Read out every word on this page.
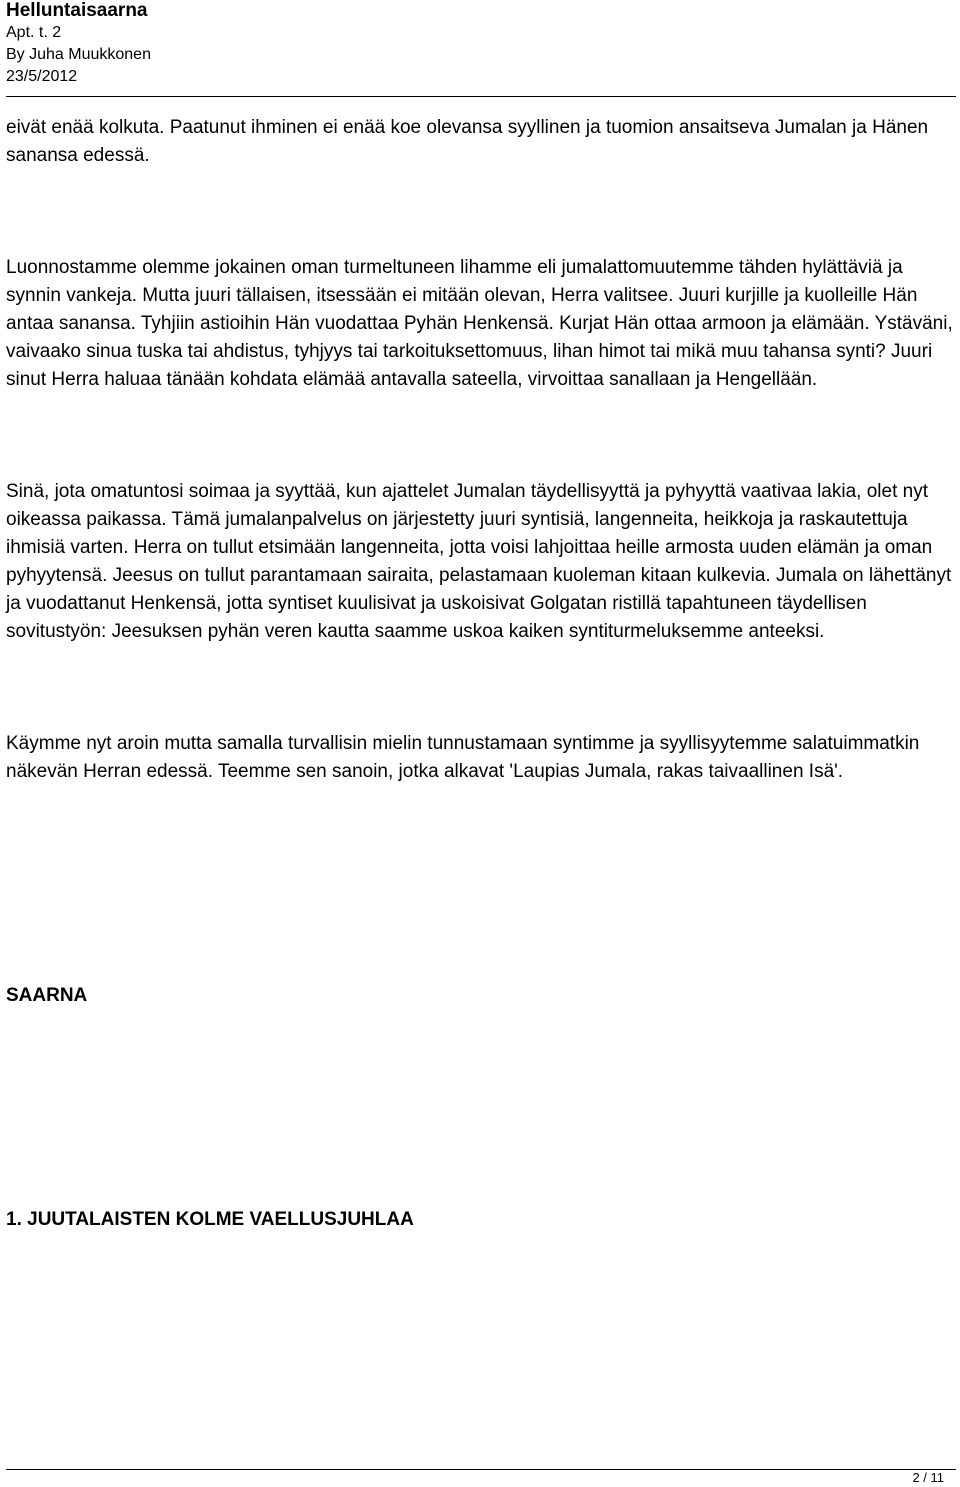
Helluntaisaarna

Apt. t. 2

By Juha Muukkonen

23/5/2012

eivät enää kolkuta. Paatunut ihminen ei enää koe olevansa syyllinen ja tuomion ansaitseva Jumalan ja Hänen sanansa edessä.

Luonnostamme olemme jokainen oman turmeltuneen lihamme eli jumalattomuutemme tähden hylättäviä ja synnin vankeja. Mutta juuri tällaisen, itsessään ei mitään olevan, Herra valitsee. Juuri kurjille ja kuolleille Hän antaa sanansa. Tyhjiin astioihin Hän vuodattaa Pyhän Henkensä. Kurjat Hän ottaa armoon ja elämään. Ystäväni, vaivaako sinua tuska tai ahdistus, tyhjyys tai tarkoituksettomuus, lihan himot tai mikä muu tahansa synti? Juuri sinut Herra haluaa tänään kohdata elämää antavalla sateella, virvoittaa sanallaan ja Hengellään.

Sinä, jota omatuntosi soimaa ja syyttää, kun ajattelet Jumalan täydellisyyttä ja pyhyyttä vaativaa lakia, olet nyt oikeassa paikassa. Tämä jumalanpalvelus on järjestetty juuri syntisiä, langenneita, heikkoja ja raskautettuja ihmisiä varten. Herra on tullut etsimään langenneita, jotta voisi lahjoittaa heille armosta uuden elämän ja oman pyhyytensä. Jeesus on tullut parantamaan sairaita, pelastamaan kuoleman kitaan kulkevia. Jumala on lähettänyt ja vuodattanut Henkensä, jotta syntiset kuulisivat ja uskoisivat Golgatan ristillä tapahtuneen täydellisen sovitustyön: Jeesuksen pyhän veren kautta saamme uskoa kaiken syntiturmeluksemme anteeksi.

Käymme nyt aroin mutta samalla turvallisin mielin tunnustamaan syntimme ja syyllisyytemme salatuimmatkin näkevän Herran edessä. Teemme sen sanoin, jotka alkavat 'Laupias Jumala, rakas taivaallinen Isä'.

SAARNA

1. JUUTALAISTEN KOLME VAELLUSJUHLAA

2 / 11
